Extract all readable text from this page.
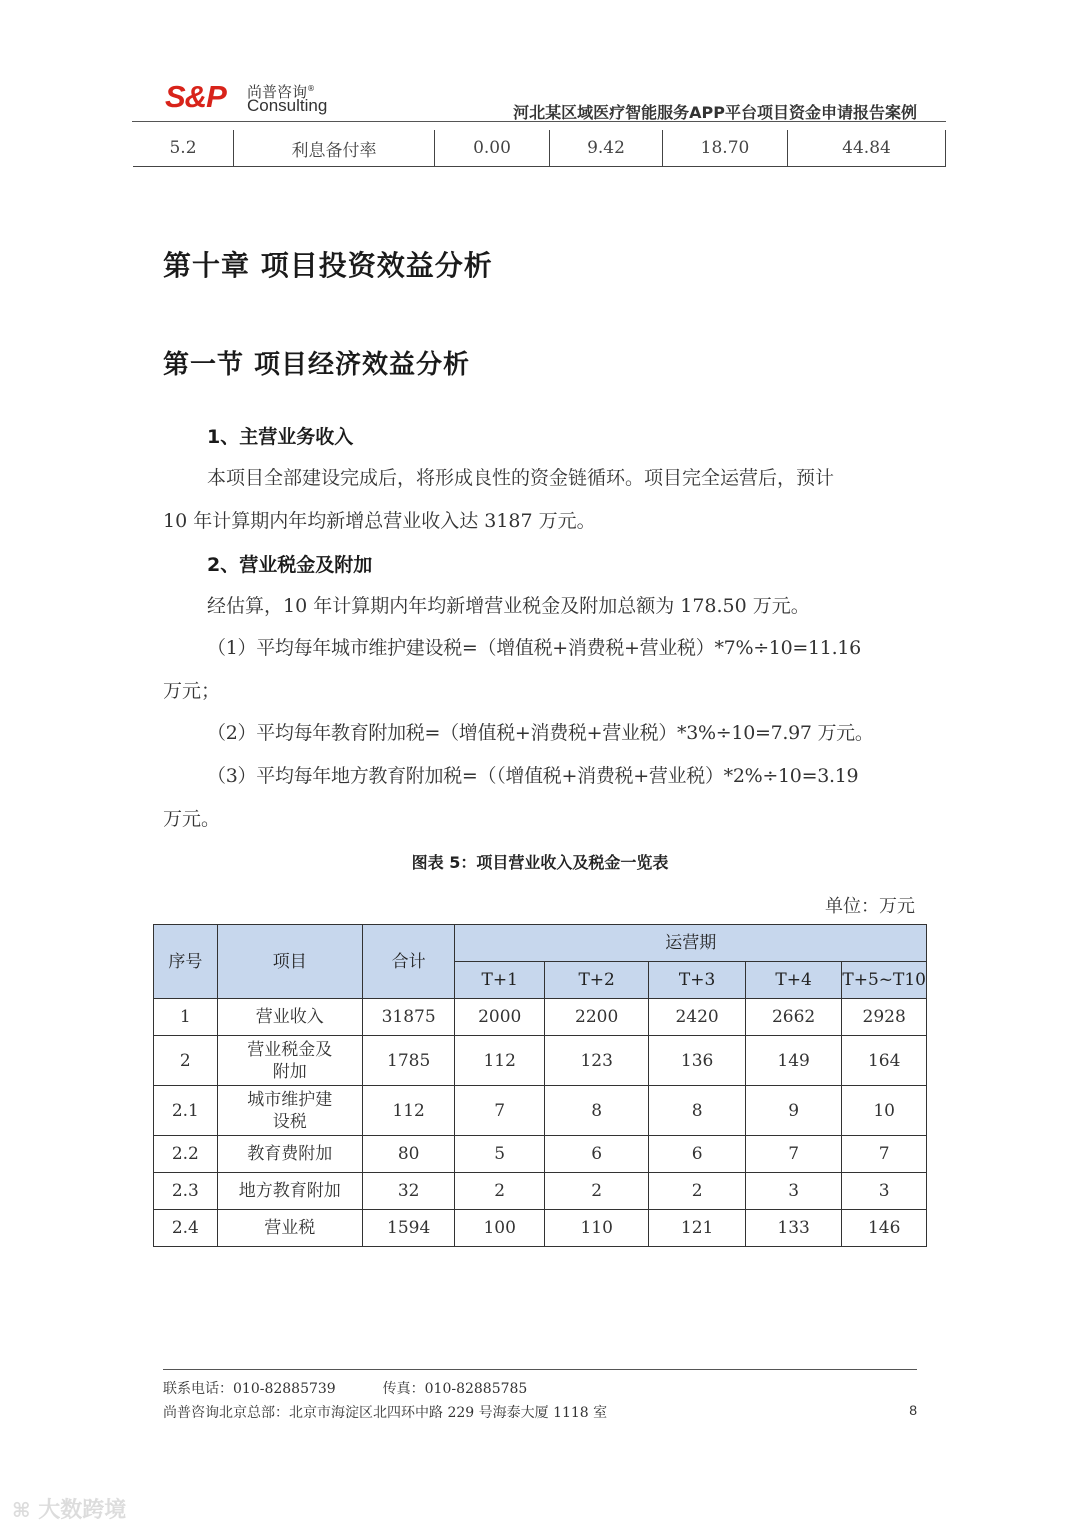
S&P 尚普咨询®
Consulting	河北某区域医疗智能服务APP平台项目资金申请报告案例
5.2	利息备付率	0.00	9.42	18.70	44.84
第十章 项目投资效益分析
第一节 项目经济效益分析
1、主营业务收入
本项目全部建设完成后，将形成良性的资金链循环。项目完全运营后，预计
10 年计算期内年均新增总营业收入达 3187 万元。
2、营业税金及附加
经估算，10 年计算期内年均新增营业税金及附加总额为 178.50 万元。
（1）平均每年城市维护建设税=（增值税+消费税+营业税）*7%÷10=11.16
万元；
（2）平均每年教育附加税=（增值税+消费税+营业税）*3%÷10=7.97 万元。
（3）平均每年地方教育附加税=（（增值税+消费税+营业税）*2%÷10=3.19
万元。
图表 5：项目营业收入及税金一览表
单位：万元
序号	项目	合计	运营期				
			T+1	T+2	T+3	T+4	T+5~T10
1	营业收入	31875	2000	2200	2420	2662	2928
2	营业税金及附加	1785	112	123	136	149	164
2.1	城市维护建设税	112	7	8	8	9	10
2.2	教育费附加	80	5	6	6	7	7
2.3	地方教育附加	32	2	2	2	3	3
2.4	营业税	1594	100	110	121	133	146
联系电话：010-82885739	传真：010-82885785
尚普咨询北京总部：北京市海淀区北四环中路 229 号海泰大厦 1118 室	8
⌘ 大数跨境
